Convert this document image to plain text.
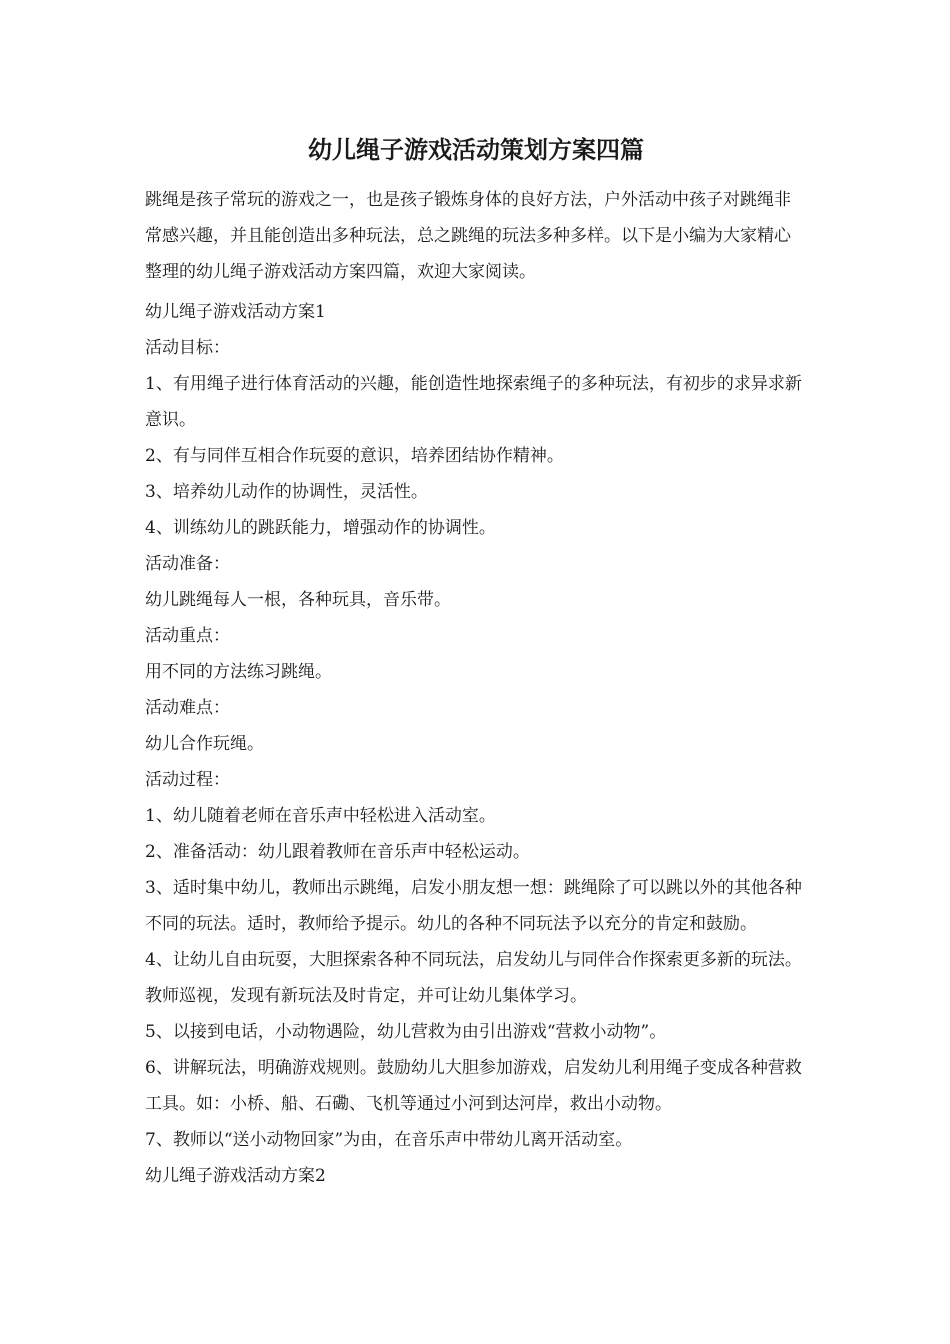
幼儿绳子游戏活动策划方案四篇
跳绳是孩子常玩的游戏之一，也是孩子锻炼身体的良好方法，户外活动中孩子对跳绳非常感兴趣，并且能创造出多种玩法，总之跳绳的玩法多种多样。以下是小编为大家精心整理的幼儿绳子游戏活动方案四篇，欢迎大家阅读。
幼儿绳子游戏活动方案1
活动目标：
1、有用绳子进行体育活动的兴趣，能创造性地探索绳子的多种玩法，有初步的求异求新意识。
2、有与同伴互相合作玩耍的意识，培养团结协作精神。
3、培养幼儿动作的协调性，灵活性。
4、训练幼儿的跳跃能力，增强动作的协调性。
活动准备：
幼儿跳绳每人一根，各种玩具，音乐带。
活动重点：
用不同的方法练习跳绳。
活动难点：
幼儿合作玩绳。
活动过程：
1、幼儿随着老师在音乐声中轻松进入活动室。
2、准备活动：幼儿跟着教师在音乐声中轻松运动。
3、适时集中幼儿，教师出示跳绳，启发小朋友想一想：跳绳除了可以跳以外的其他各种不同的玩法。适时，教师给予提示。幼儿的各种不同玩法予以充分的肯定和鼓励。
4、让幼儿自由玩耍，大胆探索各种不同玩法，启发幼儿与同伴合作探索更多新的玩法。教师巡视，发现有新玩法及时肯定，并可让幼儿集体学习。
5、以接到电话，小动物遇险，幼儿营救为由引出游戏“营救小动物”。
6、讲解玩法，明确游戏规则。鼓励幼儿大胆参加游戏，启发幼儿利用绳子变成各种营救工具。如：小桥、船、石磡、飞机等通过小河到达河岸，救出小动物。
7、教师以“送小动物回家”为由，在音乐声中带幼儿离开活动室。
幼儿绳子游戏活动方案2
